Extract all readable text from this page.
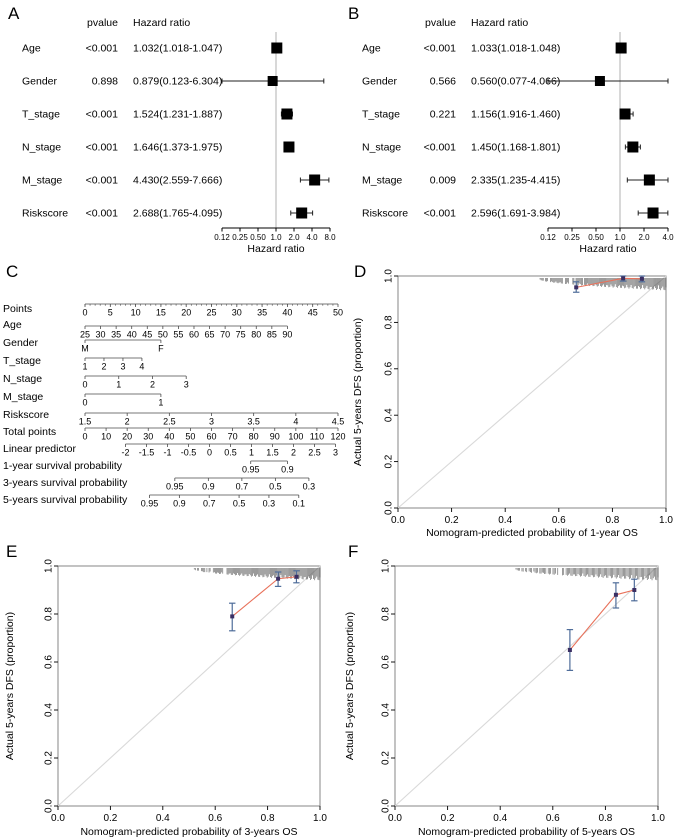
pvalue Hazard ratio
Age	<0.001 1.032(1.018-1.047)
Gender	0.898 0.879(0.123-6.304)
T_stage <0.001 1.524(1.231-1.887)
N_stage <0.001 1.646(1.373-1.975)
M_stage <0.001 4.430(2.559-7.666)
Riskscore <0.001 2.688(1.765-4.095)
0.12 0.25 0.50 1.0 2.0 4.0 8.0
Hazard ratio
A	pvalue Hazard ratio
Age	<0.001 1.033(1.018-1.048)
Gender	0.566 0.560(0.077-4.066)
T_stage	0.221 1.156(1.916-1.460)
N_stage <0.001 1.450(1.168-1.801)
M_stage	0.009 2.335(1.235-4.415)
Riskscore <0.001 2.596(1.691-3.984)
0.12 0.25 0.50 1.0 2.0 4.0
Hazard ratio
B
Points	0 5 10 15 20 25 30 35 40 45 50
Age
25 30 35 40 45 50 55 60 65 70 75 80 85 90
Gender	M	F
T_stage	1 2 3 4
N_stage	0	1	2	3
M_stage	0	1
Riskscore
1.5	2	2.5	3	3.5	4	4.5
Total points	0 10 20 30 40 50 60 70 80 90 100 110 120
Linear predictor	-2 -1.5 -1 -0.5 0 0.5 1 1.5 2 2.5 3
1-year survival probability	0.95 0.9
3-years survival probability	0.95 0.9 0.7 0.5 0.3
5-years survival probability 0.95 0.9 0.7 0.5 0.3 0.1
C
0.0	0.2	0.4	0.6	0.8	1.0
0.0
0.2
0.4
0.6
0.8
1.0
Nomogram-predicted probability of 1-year OS
Actual 5-years DFS (proportion)
D
0.0	0.2	0.4	0.6	0.8	1.0
0.0
0.2
0.4
0.6
0.8
1.0
Nomogram-predicted probability of 3-years OS
Actual 5-years DFS (proportion)
E
0.0	0.2	0.4	0.6	0.8	1.0
0.0
0.2
0.4
0.6
0.8
1.0
Nomogram-predicted probability of 5-years OS
Actual 5-years DFS (proportion)
F
